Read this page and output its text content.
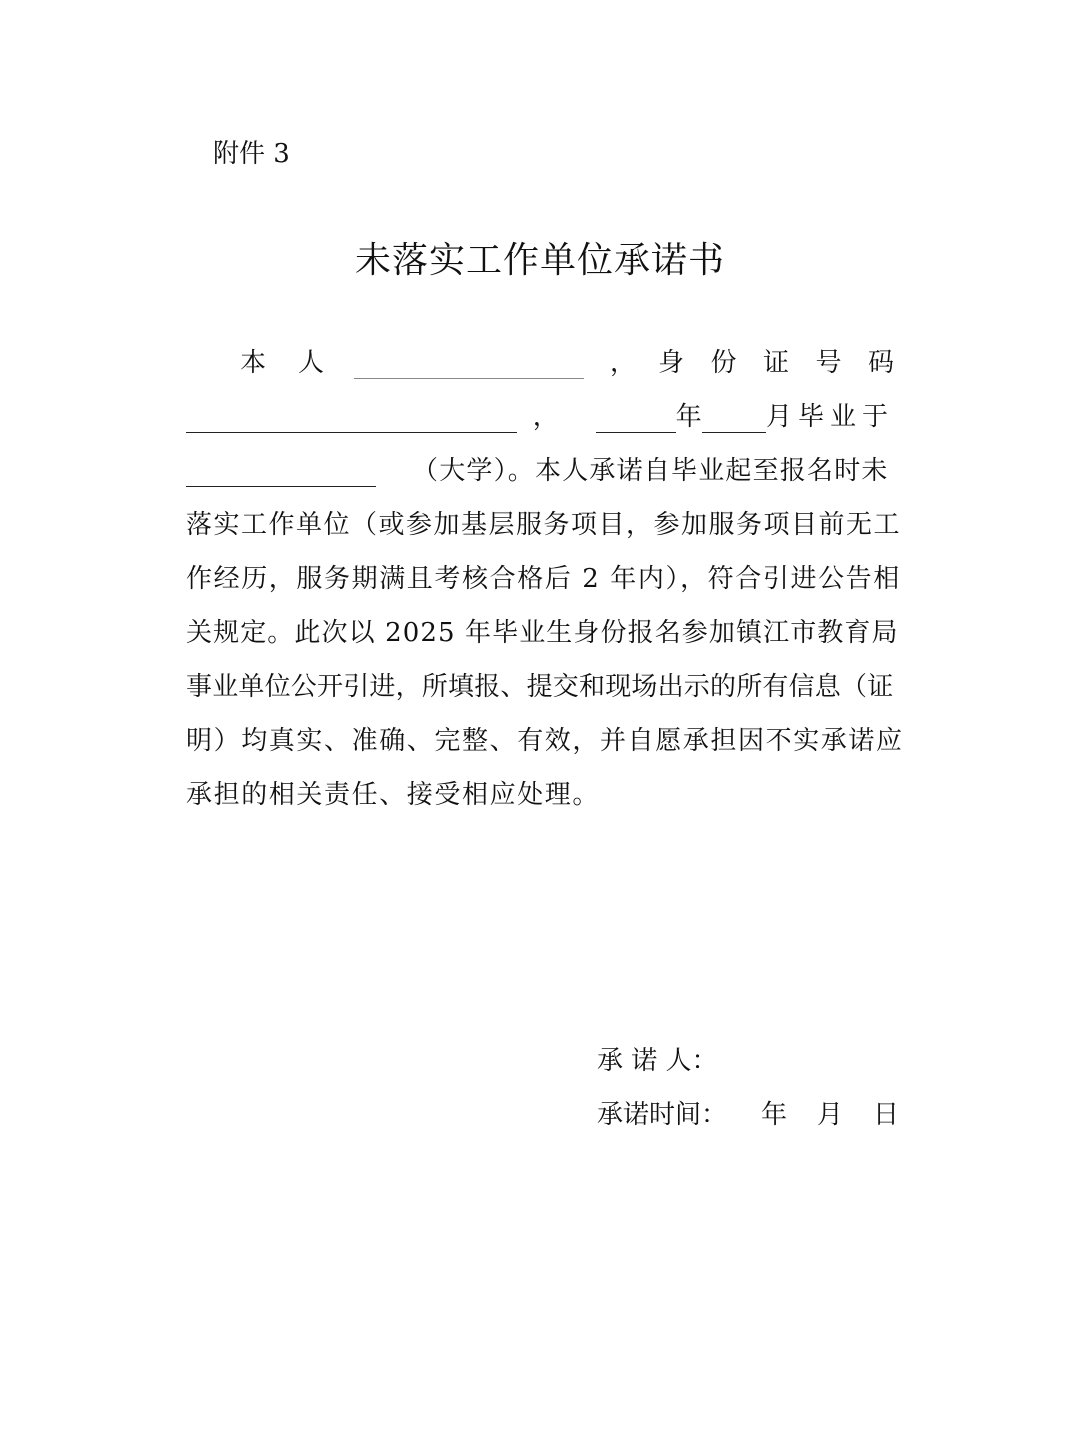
附件 3
未落实工作单位承诺书
本 人	， 身 份 证 号 码
，	年 月毕业于
（大学）。本人承诺自毕业起至报名时未
落实工作单位（或参加基层服务项目，参加服务项目前无工
作经历，服务期满且考核合格后 2 年内），符合引进公告相
关规定。此次以 2025 年毕业生身份报名参加镇江市教育局
事业单位公开引进，所填报、提交和现场出示的所有信息（证
明）均真实、准确、完整、有效，并自愿承担因不实承诺应
承担的相关责任、接受相应处理。
承 诺 人：
承诺时间： 年 月 日
